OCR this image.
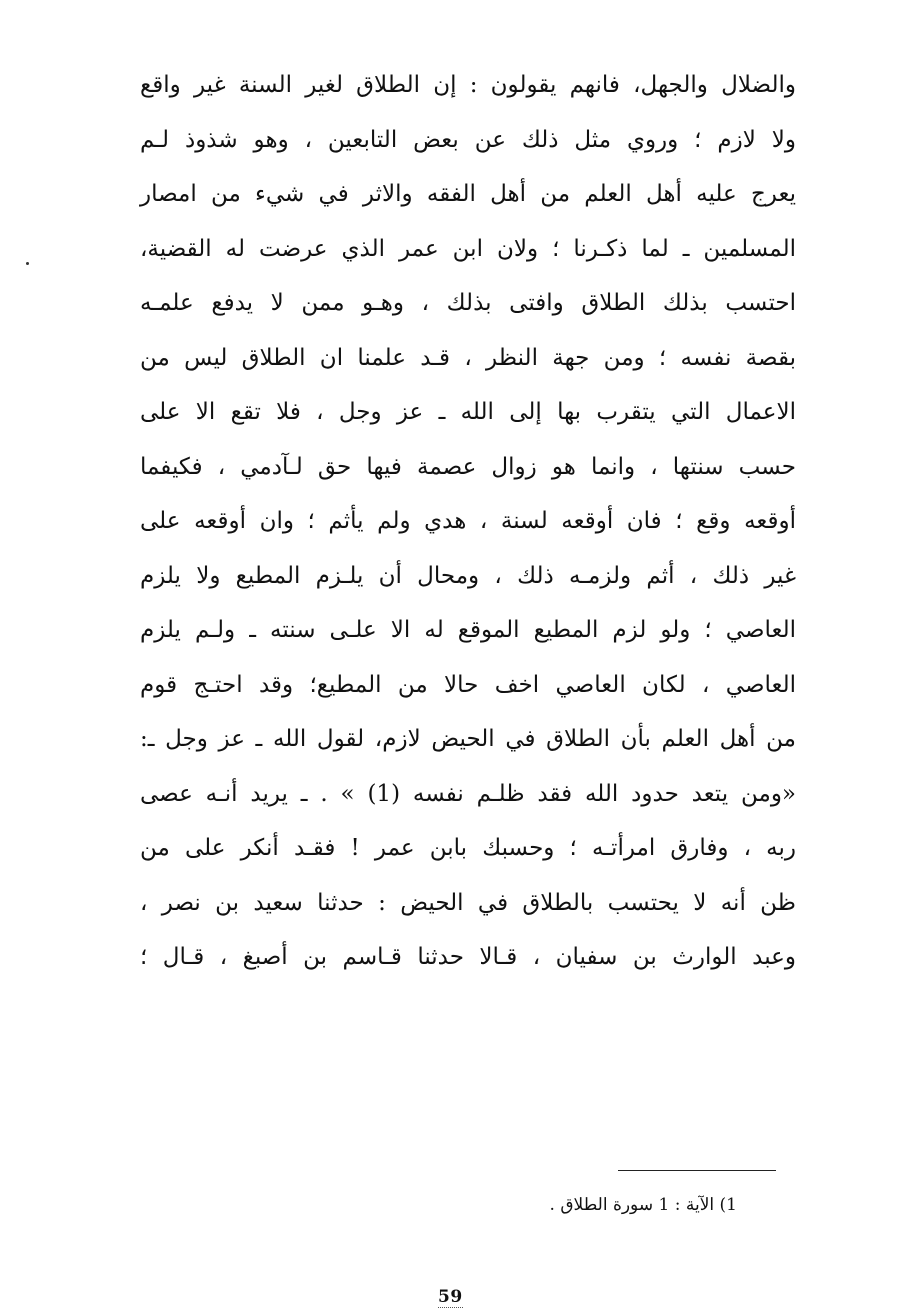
والضلال والجهل، فانهم يقولون : إن الطلاق لغير السنة غير واقع
ولا لازم ؛ وروي مثل ذلك عن بعض التابعين ، وهو شذوذ لـم
يعرج عليه أهل العلم من أهل الفقه والاثر في شيء من امصار
المسلمين ـ لما ذكـرنا ؛ ولان ابن عمر الذي عرضت له القضية،
احتسب بذلك الطلاق وافتى بذلك ، وهـو ممن لا يدفع علمـه
بقصة نفسه ؛ ومن جهة النظر ، قـد علمنا ان الطلاق ليس من
الاعمال التي يتقرب بها إلى الله ـ عز وجل ، فلا تقع الا على
حسب سنتها ، وانما هو زوال عصمة فيها حق لـآدمي ، فكيفما
أوقعه وقع ؛ فان أوقعه لسنة ، هدي ولم يأثم ؛ وان أوقعه على
غير ذلك ، أثم ولزمـه ذلك ، ومحال أن يلـزم المطيع ولا يلزم
العاصي ؛ ولو لزم المطيع الموقع له الا علـى سنته ـ ولـم يلزم
العاصي ، لكان العاصي اخف حالا من المطيع؛ وقد احتـج قوم
من أهل العلم بأن الطلاق في الحيض لازم، لقول الله ـ عز وجل ـ:
«ومن يتعد حدود الله فقد ظلـم نفسه (1) » . ـ يريد أنـه عصى
ربه ، وفارق امرأتـه ؛ وحسبك بابن عمر ! فقـد أنكر على من
ظن أنه لا يحتسب بالطلاق في الحيض : حدثنا سعيد بن نصر ،
وعبد الوارث بن سفيان ، قـالا حدثنا قـاسم بن أصبغ ، قـال ؛
1) الآية : 1 سورة الطلاق .
59
